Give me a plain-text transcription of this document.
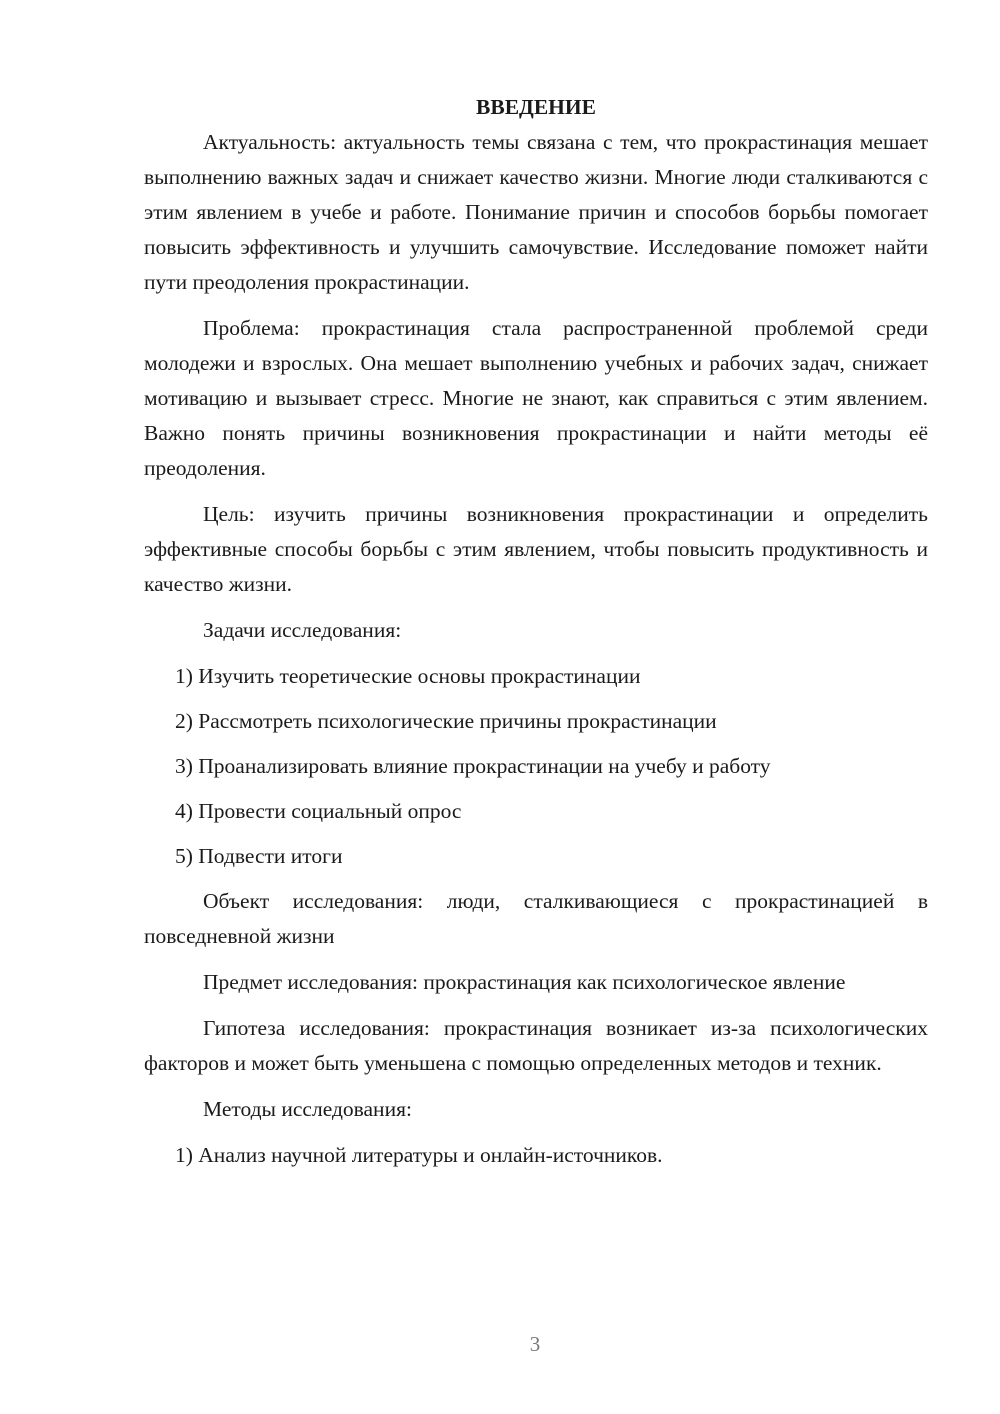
ВВЕДЕНИЕ

Актуальность: актуальность темы связана с тем, что прокрастинация мешает выполнению важных задач и снижает качество жизни. Многие люди сталкиваются с этим явлением в учебе и работе. Понимание причин и способов борьбы помогает повысить эффективность и улучшить самочувствие. Исследование поможет найти пути преодоления прокрастинации.

Проблема: прокрастинация стала распространенной проблемой среди молодежи и взрослых. Она мешает выполнению учебных и рабочих задач, снижает мотивацию и вызывает стресс. Многие не знают, как справиться с этим явлением. Важно понять причины возникновения прокрастинации и найти методы её преодоления.

Цель: изучить причины возникновения прокрастинации и определить эффективные способы борьбы с этим явлением, чтобы повысить продуктивность и качество жизни.

Задачи исследования:

1) Изучить теоретические основы прокрастинации

2) Рассмотреть психологические причины прокрастинации

3) Проанализировать влияние прокрастинации на учебу и работу

4) Провести социальный опрос

5) Подвести итоги

Объект исследования: люди, сталкивающиеся с прокрастинацией в повседневной жизни

Предмет исследования: прокрастинация как психологическое явление

Гипотеза исследования: прокрастинация возникает из-за психологических факторов и может быть уменьшена с помощью определенных методов и техник.

Методы исследования:

1) Анализ научной литературы и онлайн-источников.

3
